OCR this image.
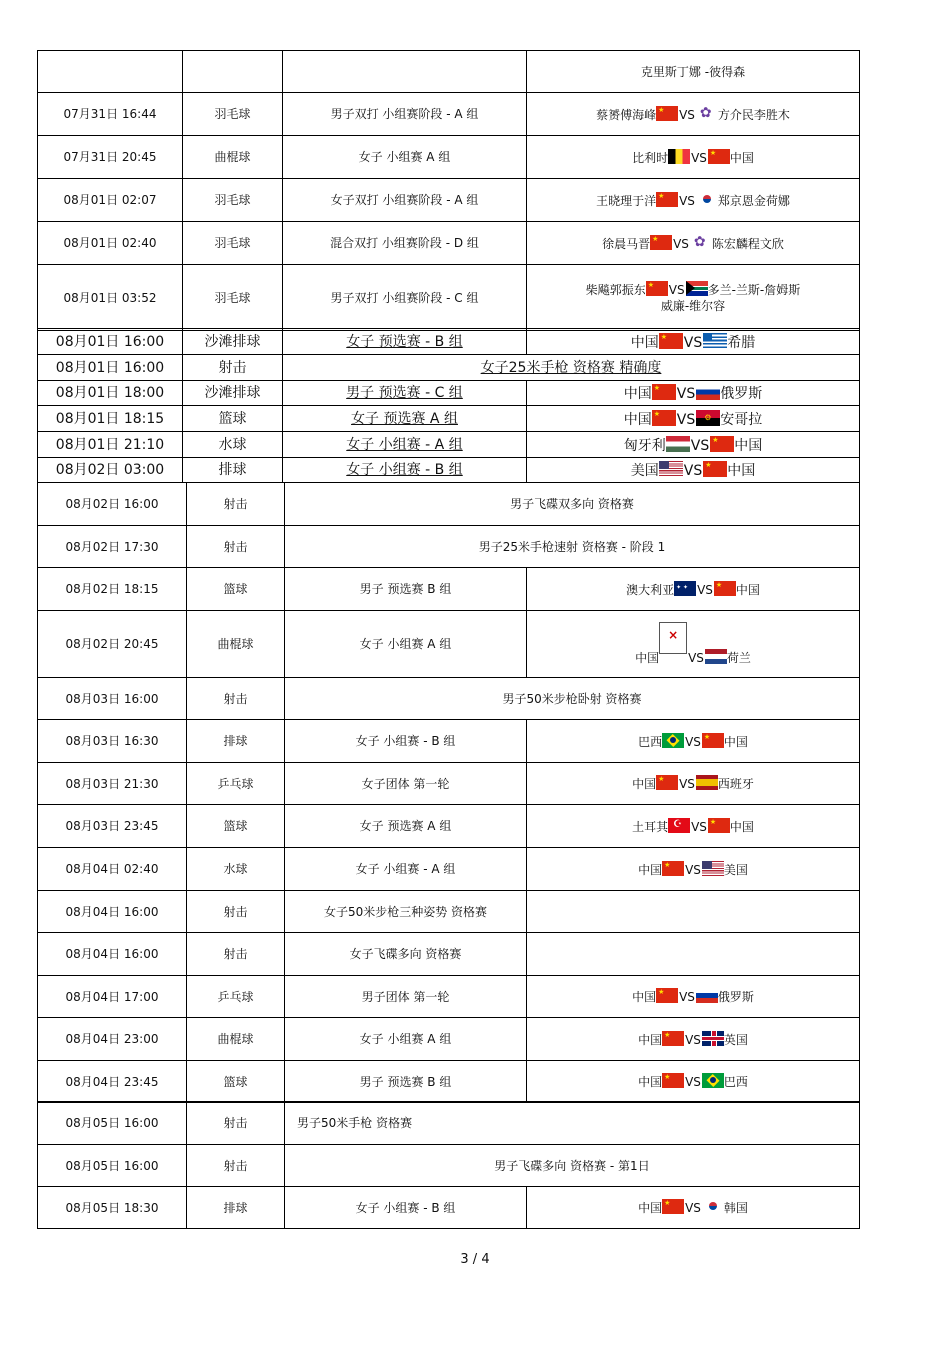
			克里斯丁娜 -彼得森
07月31日 16:44	羽毛球	男子双打 小组赛阶段 - A 组	蔡赟傅海峰 ★ VS ✿ 方介民李胜木
07月31日 20:45	曲棍球	女子 小组赛 A 组	比利时 VS ★ 中国
08月01日 02:07	羽毛球	女子双打 小组赛阶段 - A 组	王晓理于洋 ★ VS 郑京恩金荷娜
08月01日 02:40	羽毛球	混合双打 小组赛阶段 - D 组	徐晨马晋 ★ VS ✿ 陈宏麟程文欣
08月01日 03:52	羽毛球	男子双打 小组赛阶段 - C 组	柴飚郭振东 ★ VS 多兰-兰斯-詹姆斯
威廉-维尔容
08月01日 16:00	沙滩排球	女子 预选赛 - B 组	中国 ★ VS 希腊
08月01日 16:00	射击	女子25米手枪 资格赛 精确度	
08月01日 18:00	沙滩排球	男子 预选赛 - C 组	中国 ★ VS 俄罗斯
08月01日 18:15	篮球	女子 预选赛 A 组	中国 ★ VS ⚙ 安哥拉
08月01日 21:10	水球	女子 小组赛 - A 组	匈牙利 VS ★ 中国
08月02日 03:00	排球	女子 小组赛 - B 组	美国 VS ★ 中国
08月02日 16:00	射击	男子飞碟双多向 资格赛	
08月02日 17:30	射击	男子25米手枪速射 资格赛 - 阶段 1	
08月02日 18:15	篮球	男子 预选赛 B 组	澳大利亚 ✦ ✦ VS ★ 中国
08月02日 20:45	曲棍球	女子 小组赛 A 组	中国× VS 荷兰
08月03日 16:00	射击	男子50米步枪卧射 资格赛	
08月03日 16:30	排球	女子 小组赛 - B 组	巴西 VS ★ 中国
08月03日 21:30	乒乓球	女子团体 第一轮	中国 ★ VS 西班牙
08月03日 23:45	篮球	女子 预选赛 A 组	土耳其 ☪ VS ★ 中国
08月04日 02:40	水球	女子 小组赛 - A 组	中国 ★ VS 美国
08月04日 16:00	射击	女子50米步枪三种姿势 资格赛	
08月04日 16:00	射击	女子飞碟多向 资格赛	
08月04日 17:00	乒乓球	男子团体 第一轮	中国 ★ VS 俄罗斯
08月04日 23:00	曲棍球	女子 小组赛 A 组	中国 ★ VS 英国
08月04日 23:45	篮球	男子 预选赛 B 组	中国 ★ VS 巴西
08月05日 16:00	射击	男子50米手枪 资格赛	
08月05日 16:00	射击	男子飞碟多向 资格赛 - 第1日	
08月05日 18:30	排球	女子 小组赛 - B 组	中国 ★ VS 韩国
3 / 4
